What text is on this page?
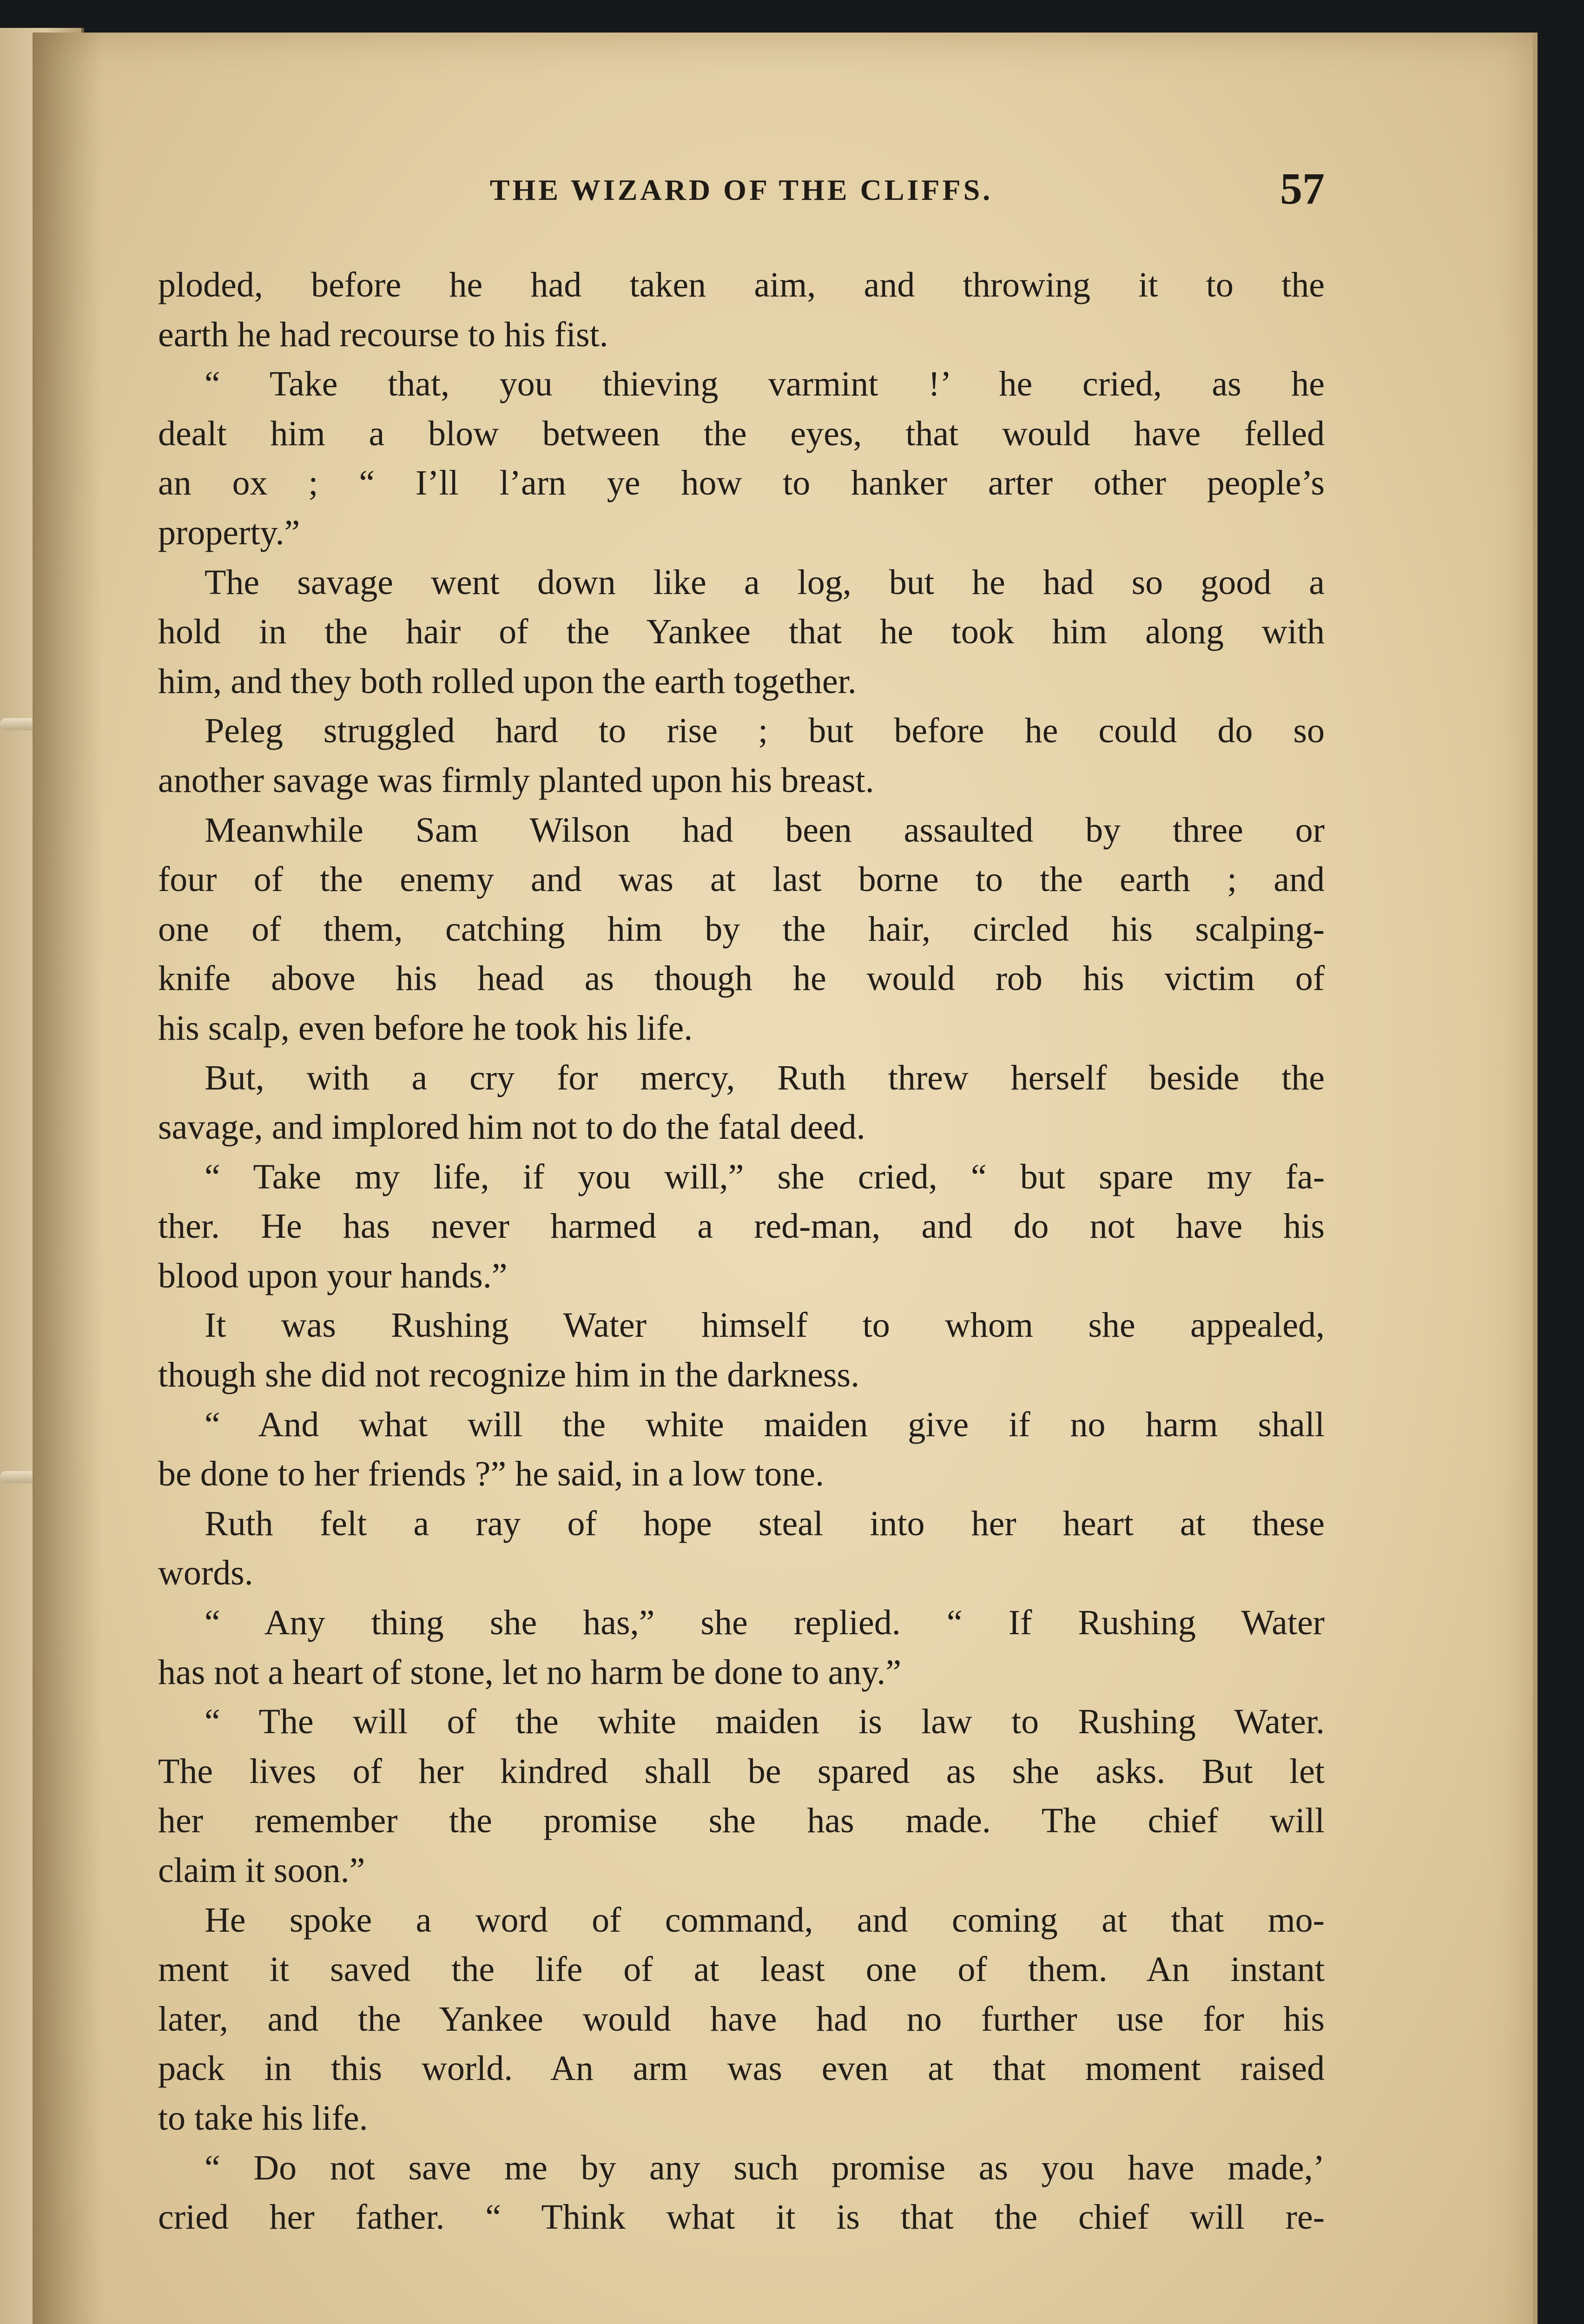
THE WIZARD OF THE CLIFFS.	57
ploded, before he had taken aim, and throwing it to the
earth he had recourse to his fist.
“ Take that, you thieving varmint !’ he cried, as he
dealt him a blow between the eyes, that would have felled
an ox ; “ I’ll l’arn ye how to hanker arter other people’s
property.”
The savage went down like a log, but he had so good a
hold in the hair of the Yankee that he took him along with
him, and they both rolled upon the earth together.
Peleg struggled hard to rise ; but before he could do so
another savage was firmly planted upon his breast.
Meanwhile Sam Wilson had been assaulted by three or
four of the enemy and was at last borne to the earth ; and
one of them, catching him by the hair, circled his scalping-
knife above his head as though he would rob his victim of
his scalp, even before he took his life.
But, with a cry for mercy, Ruth threw herself beside the
savage, and implored him not to do the fatal deed.
“ Take my life, if you will,” she cried, “ but spare my fa-
ther. He has never harmed a red-man, and do not have his
blood upon your hands.”
It was Rushing Water himself to whom she appealed,
though she did not recognize him in the darkness.
“ And what will the white maiden give if no harm shall
be done to her friends ?” he said, in a low tone.
Ruth felt a ray of hope steal into her heart at these
words.
“ Any thing she has,” she replied. “ If Rushing Water
has not a heart of stone, let no harm be done to any.”
“ The will of the white maiden is law to Rushing Water.
The lives of her kindred shall be spared as she asks. But let
her remember the promise she has made. The chief will
claim it soon.”
He spoke a word of command, and coming at that mo-
ment it saved the life of at least one of them. An instant
later, and the Yankee would have had no further use for his
pack in this world. An arm was even at that moment raised
to take his life.
“ Do not save me by any such promise as you have made,’
cried her father. “ Think what it is that the chief will re-
